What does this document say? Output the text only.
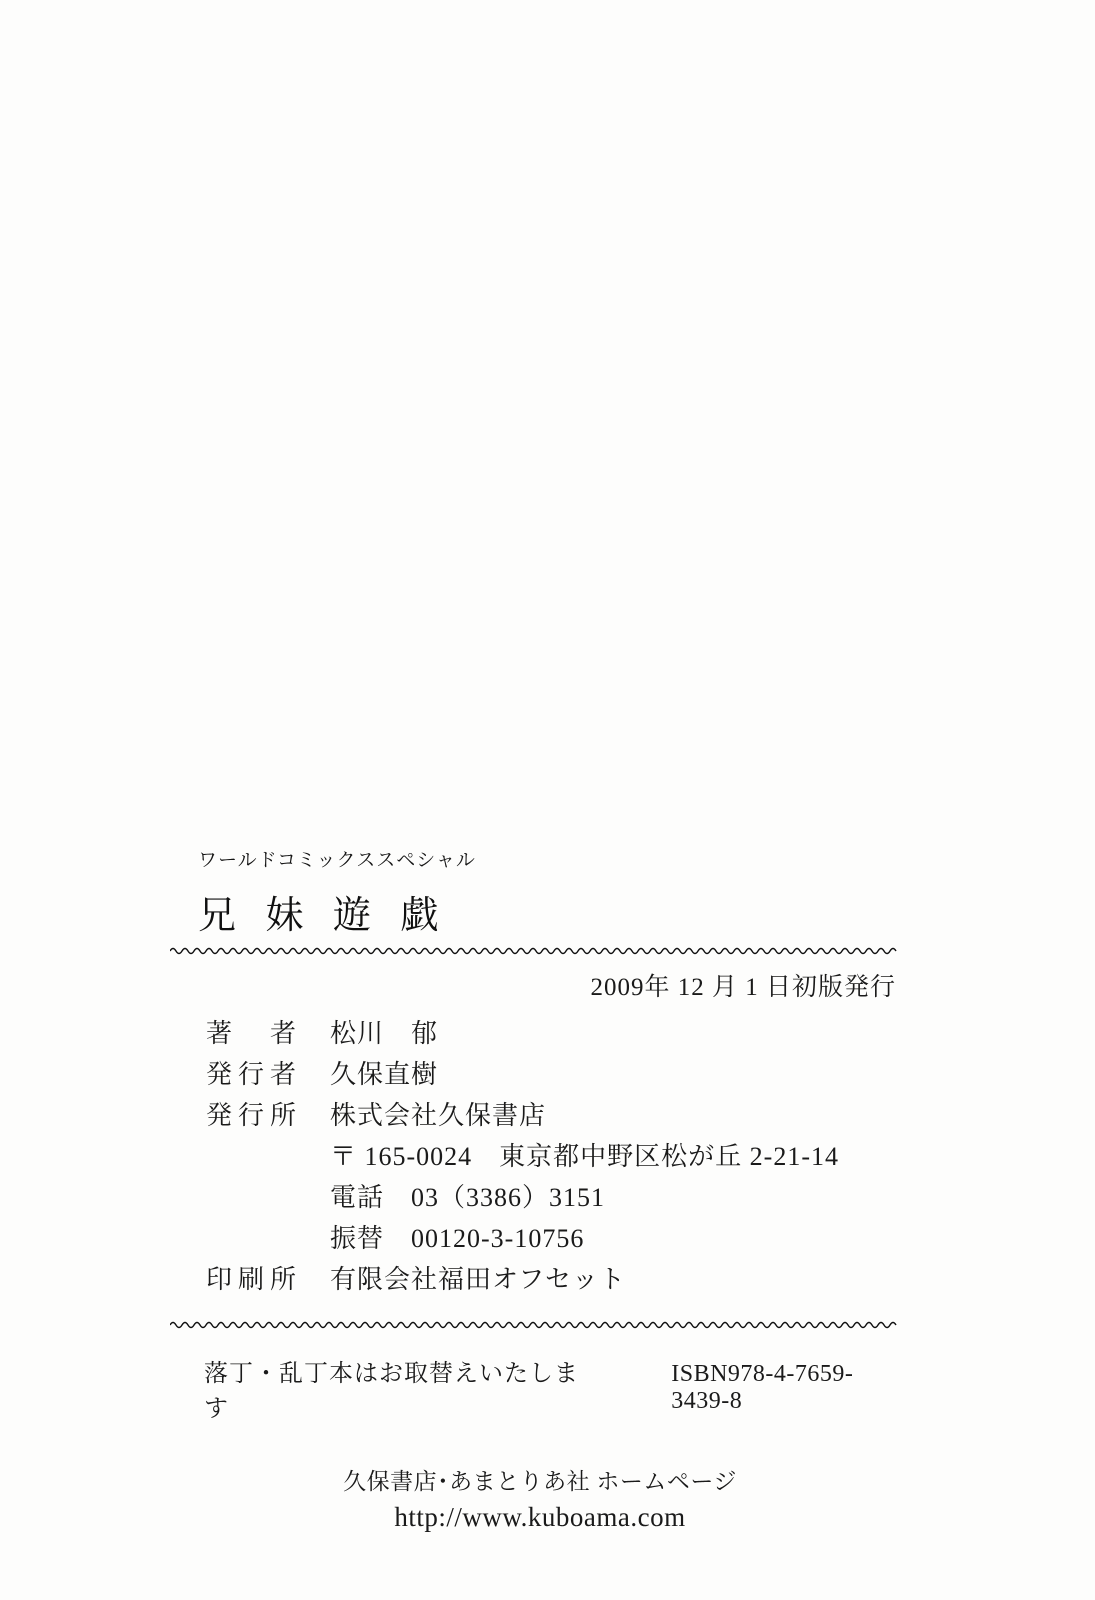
ワールドコミックススペシャル
兄 妹 遊 戯
2009年 12 月 1 日初版発行
著　者	松川　郁
発行者	久保直樹
発行所	株式会社久保書店
〒 165-0024　東京都中野区松が丘 2-21-14
電話　03（3386）3151
振替　00120-3-10756
印刷所	有限会社福田オフセット
落丁・乱丁本はお取替えいたします
ISBN978-4-7659-3439-8
久保書店･あまとりあ社 ホームページ
http://www.kuboama.com
